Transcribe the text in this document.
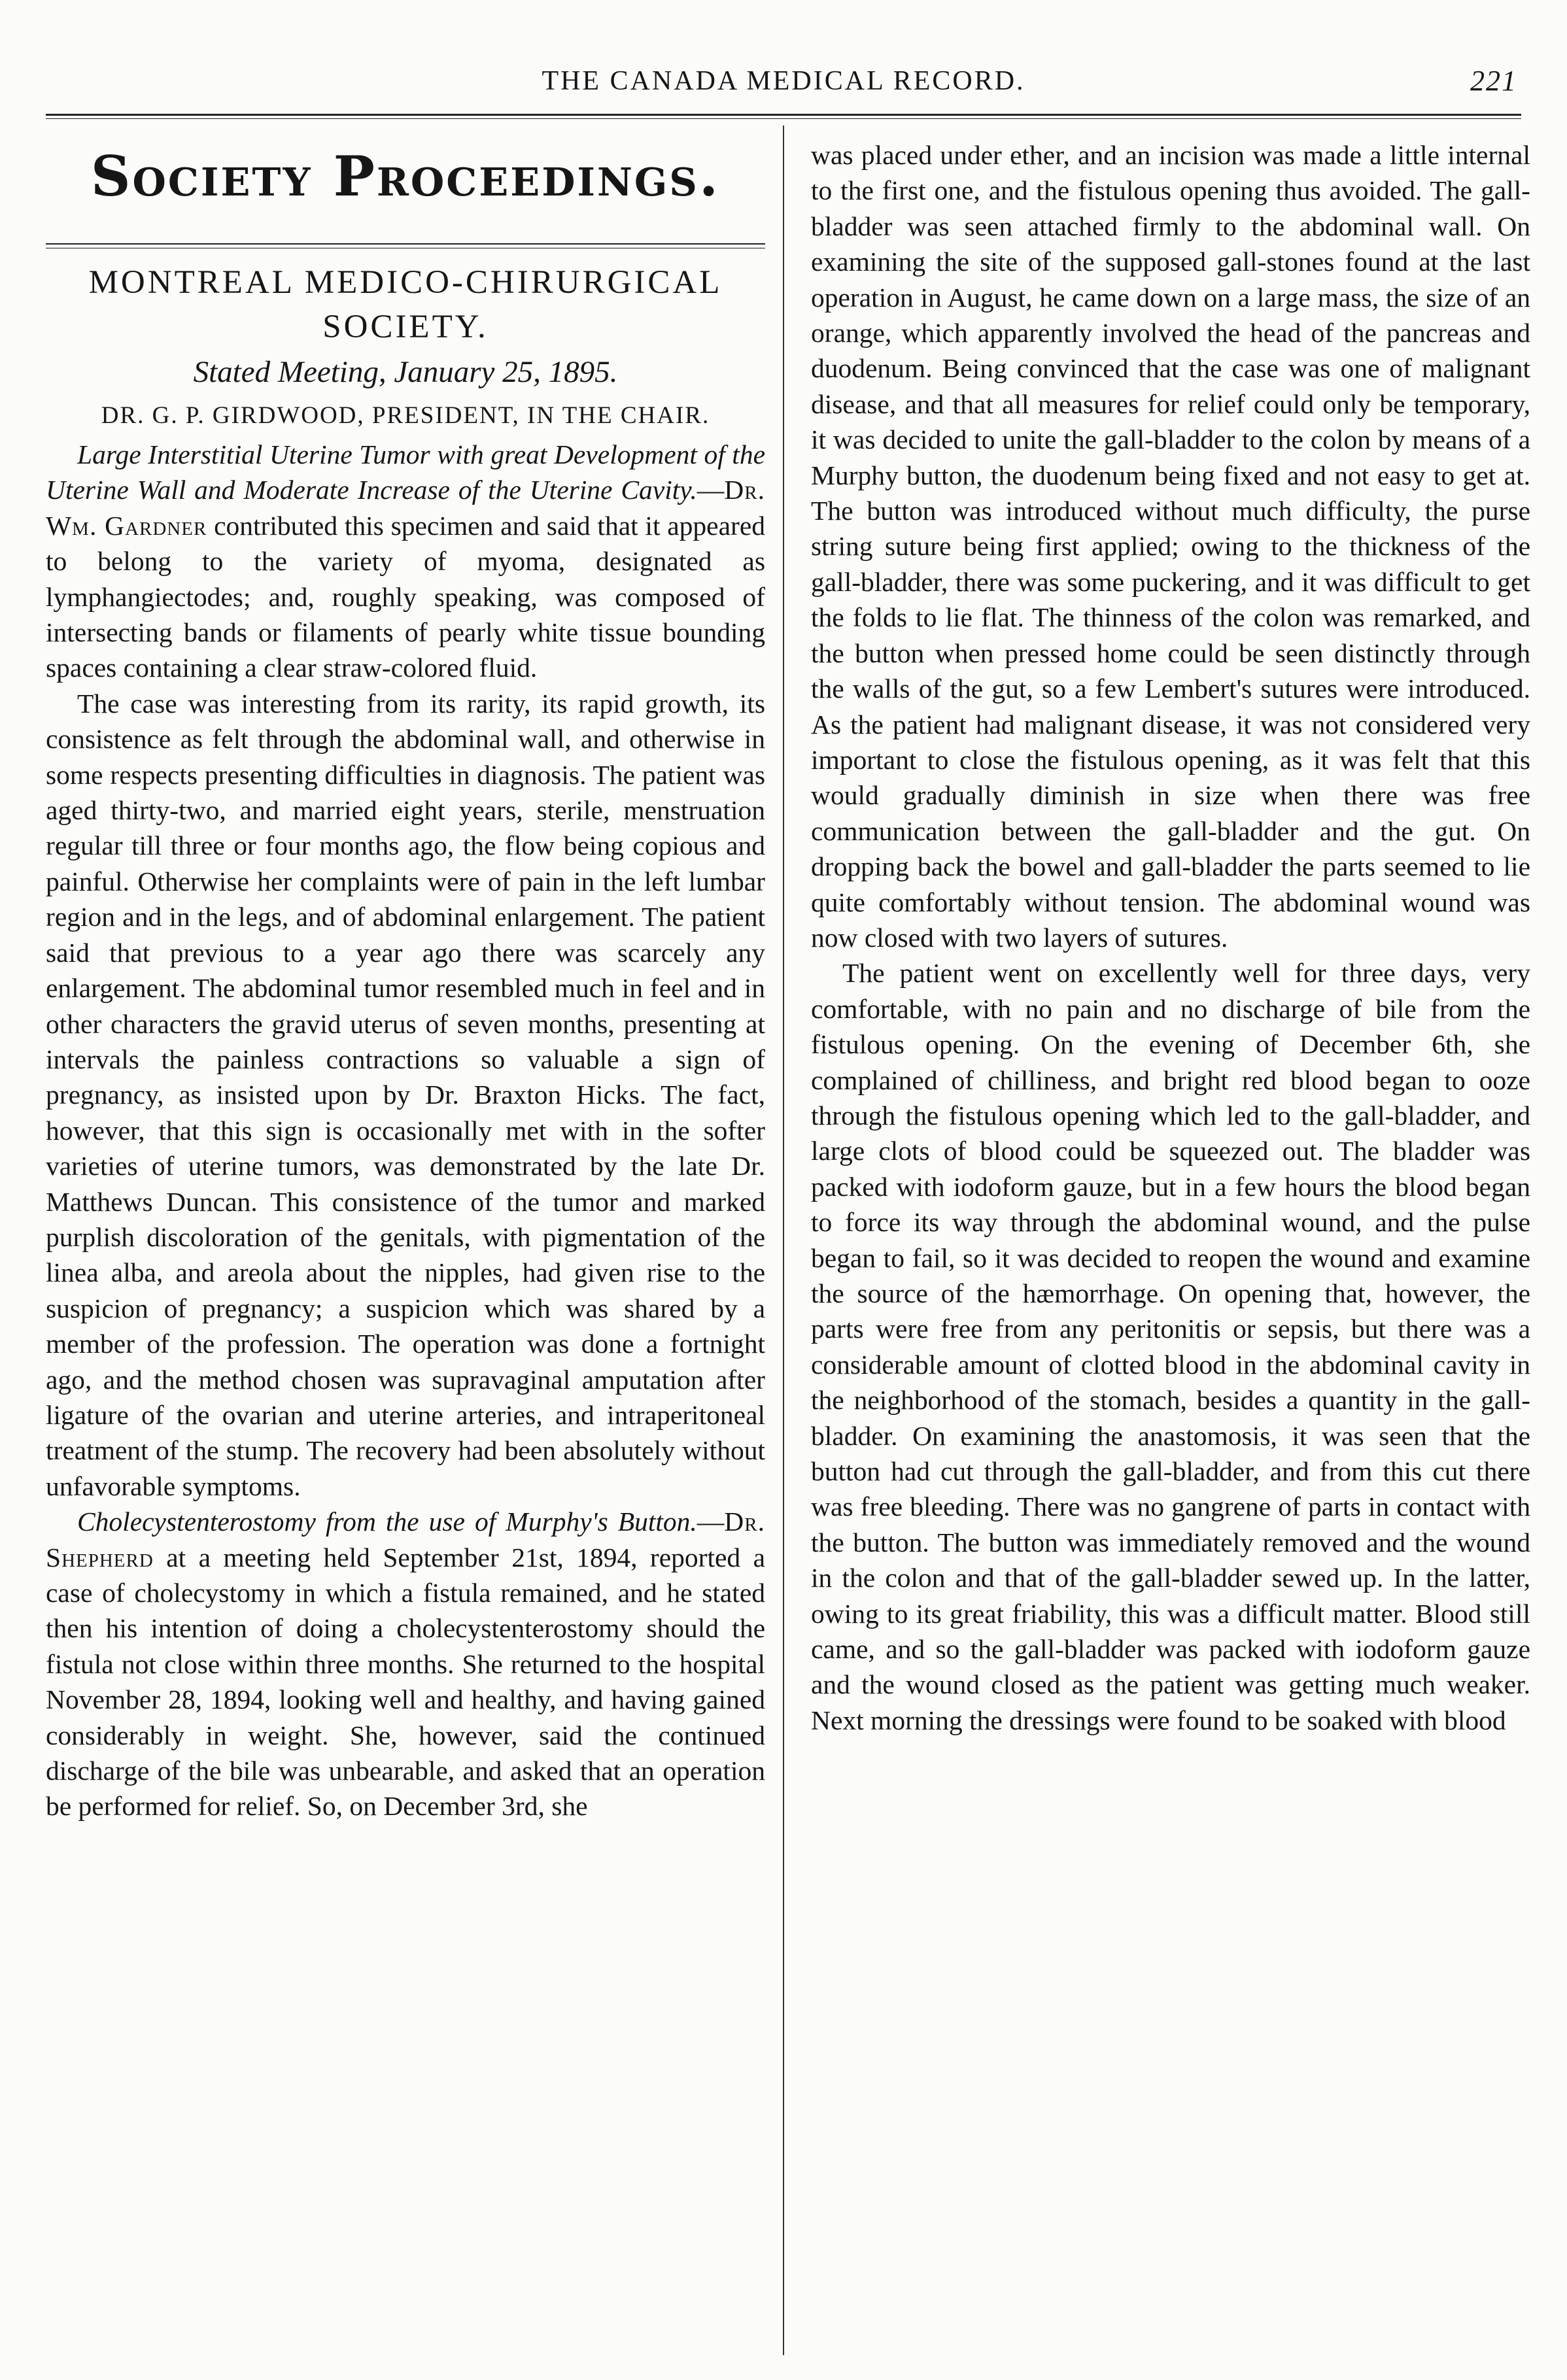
THE CANADA MEDICAL RECORD.	221
Society Proceedings.

MONTREAL MEDICO-CHIRURGICAL SOCIETY.

Stated Meeting, January 25, 1895.

DR. G. P. GIRDWOOD, PRESIDENT, IN THE CHAIR.

Large Interstitial Uterine Tumor with great Development of the Uterine Wall and Moderate Increase of the Uterine Cavity.—Dr. Wm. Gardner contributed this specimen and said that it appeared to belong to the variety of myoma, designated as lymphangiectodes; and, roughly speaking, was composed of intersecting bands or filaments of pearly white tissue bounding spaces containing a clear straw-colored fluid.

The case was interesting from its rarity, its rapid growth, its consistence as felt through the abdominal wall, and otherwise in some respects presenting difficulties in diagnosis. The patient was aged thirty-two, and married eight years, sterile, menstruation regular till three or four months ago, the flow being copious and painful. Otherwise her complaints were of pain in the left lumbar region and in the legs, and of abdominal enlargement. The patient said that previous to a year ago there was scarcely any enlargement. The abdominal tumor resembled much in feel and in other characters the gravid uterus of seven months, presenting at intervals the painless contractions so valuable a sign of pregnancy, as insisted upon by Dr. Braxton Hicks. The fact, however, that this sign is occasionally met with in the softer varieties of uterine tumors, was demonstrated by the late Dr. Matthews Duncan. This consistence of the tumor and marked purplish discoloration of the genitals, with pigmentation of the linea alba, and areola about the nipples, had given rise to the suspicion of pregnancy; a suspicion which was shared by a member of the profession. The operation was done a fortnight ago, and the method chosen was supravaginal amputation after ligature of the ovarian and uterine arteries, and intraperitoneal treatment of the stump. The recovery had been absolutely without unfavorable symptoms.

Cholecystenterostomy from the use of Murphy's Button.—Dr. Shepherd at a meeting held September 21st, 1894, reported a case of cholecystomy in which a fistula remained, and he stated then his intention of doing a cholecystenterostomy should the fistula not close within three months. She returned to the hospital November 28, 1894, looking well and healthy, and having gained considerably in weight. She, however, said the continued discharge of the bile was unbearable, and asked that an operation be performed for relief. So, on December 3rd, she

was placed under ether, and an incision was made a little internal to the first one, and the fistulous opening thus avoided. The gall-bladder was seen attached firmly to the abdominal wall. On examining the site of the supposed gall-stones found at the last operation in August, he came down on a large mass, the size of an orange, which apparently involved the head of the pancreas and duodenum. Being convinced that the case was one of malignant disease, and that all measures for relief could only be temporary, it was decided to unite the gall-bladder to the colon by means of a Murphy button, the duodenum being fixed and not easy to get at. The button was introduced without much difficulty, the purse string suture being first applied; owing to the thickness of the gall-bladder, there was some puckering, and it was difficult to get the folds to lie flat. The thinness of the colon was remarked, and the button when pressed home could be seen distinctly through the walls of the gut, so a few Lembert's sutures were introduced. As the patient had malignant disease, it was not considered very important to close the fistulous opening, as it was felt that this would gradually diminish in size when there was free communication between the gall-bladder and the gut. On dropping back the bowel and gall-bladder the parts seemed to lie quite comfortably without tension. The abdominal wound was now closed with two layers of sutures.

The patient went on excellently well for three days, very comfortable, with no pain and no discharge of bile from the fistulous opening. On the evening of December 6th, she complained of chilliness, and bright red blood began to ooze through the fistulous opening which led to the gall-bladder, and large clots of blood could be squeezed out. The bladder was packed with iodoform gauze, but in a few hours the blood began to force its way through the abdominal wound, and the pulse began to fail, so it was decided to reopen the wound and examine the source of the hæmorrhage. On opening that, however, the parts were free from any peritonitis or sepsis, but there was a considerable amount of clotted blood in the abdominal cavity in the neighborhood of the stomach, besides a quantity in the gall-bladder. On examining the anastomosis, it was seen that the button had cut through the gall-bladder, and from this cut there was free bleeding. There was no gangrene of parts in contact with the button. The button was immediately removed and the wound in the colon and that of the gall-bladder sewed up. In the latter, owing to its great friability, this was a difficult matter. Blood still came, and so the gall-bladder was packed with iodoform gauze and the wound closed as the patient was getting much weaker. Next morning the dressings were found to be soaked with blood
